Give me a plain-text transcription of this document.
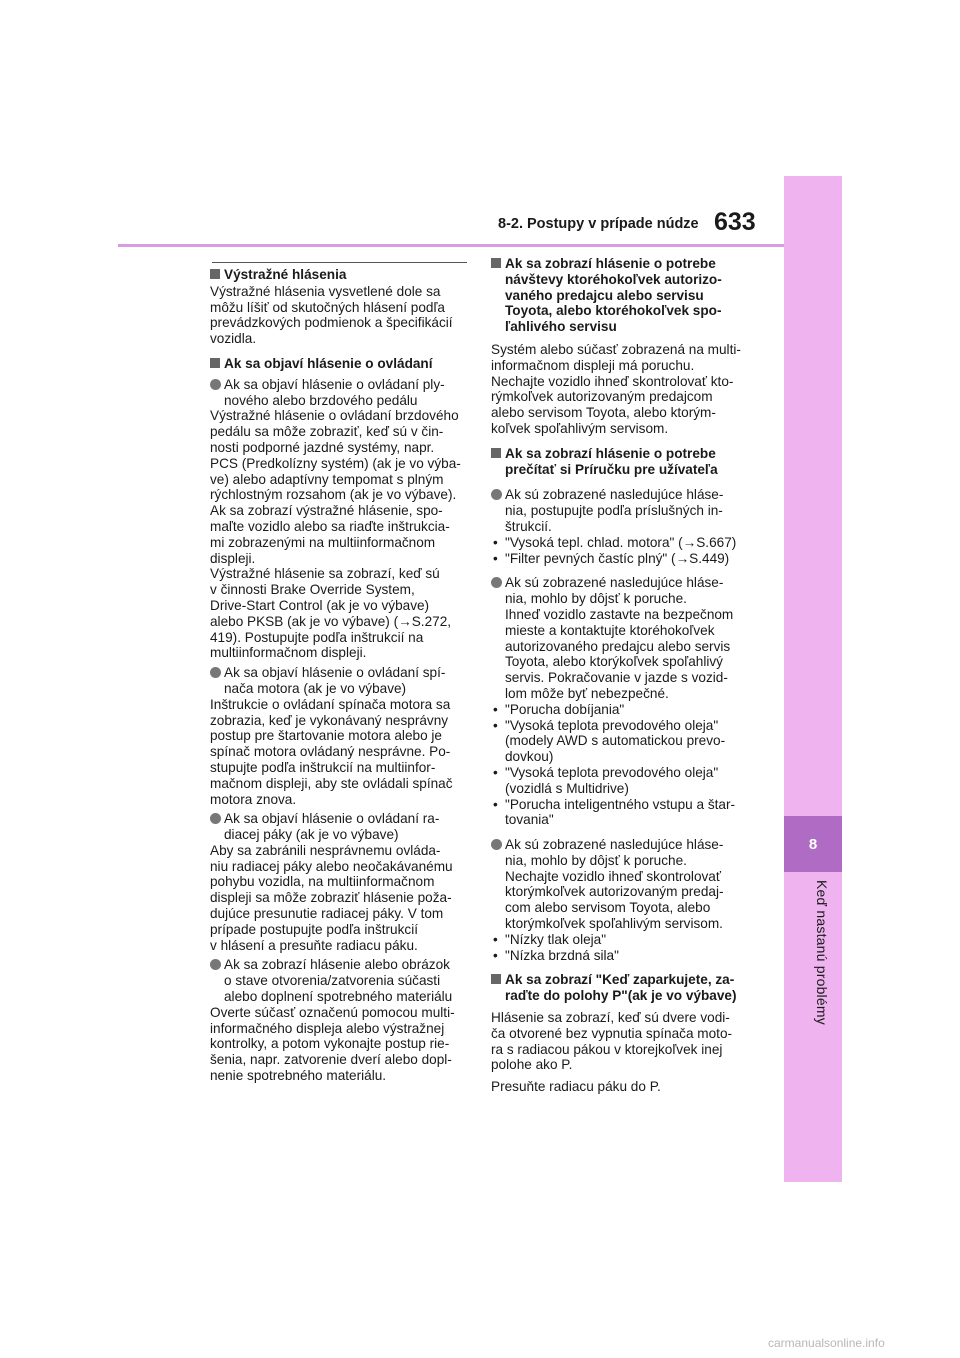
8
Keď nastanú problémy
8-2. Postupy v prípade núdze 633
Výstražné hlásenia
Výstražné hlásenia vysvetlené dole sa
môžu líšiť od skutočných hlásení podľa
prevádzkových podmienok a špecifikácií
vozidla.
Ak sa objaví hlásenie o ovládaní
Ak sa objaví hlásenie o ovládaní ply-
nového alebo brzdového pedálu
Výstražné hlásenie o ovládaní brzdového
pedálu sa môže zobraziť, keď sú v čin-
nosti podporné jazdné systémy, napr.
PCS (Predkolízny systém) (ak je vo výba-
ve) alebo adaptívny tempomat s plným
rýchlostným rozsahom (ak je vo výbave).
Ak sa zobrazí výstražné hlásenie, spo-
maľte vozidlo alebo sa riaďte inštrukcia-
mi zobrazenými na multiinformačnom
displeji.
Výstražné hlásenie sa zobrazí, keď sú
v činnosti Brake Override System,
Drive-Start Control (ak je vo výbave)
alebo PKSB (ak je vo výbave) (→S.272,
419). Postupujte podľa inštrukcií na
multiinformačnom displeji.
Ak sa objaví hlásenie o ovládaní spí-
nača motora (ak je vo výbave)
Inštrukcie o ovládaní spínača motora sa
zobrazia, keď je vykonávaný nesprávny
postup pre štartovanie motora alebo je
spínač motora ovládaný nesprávne. Po-
stupujte podľa inštrukcií na multiinfor-
mačnom displeji, aby ste ovládali spínač
motora znova.
Ak sa objaví hlásenie o ovládaní ra-
diacej páky (ak je vo výbave)
Aby sa zabránili nesprávnemu ovláda-
niu radiacej páky alebo neočakávanému
pohybu vozidla, na multiinformačnom
displeji sa môže zobraziť hlásenie poža-
dujúce presunutie radiacej páky. V tom
prípade postupujte podľa inštrukcií
v hlásení a presuňte radiacu páku.
Ak sa zobrazí hlásenie alebo obrázok
o stave otvorenia/zatvorenia súčasti
alebo doplnení spotrebného materiálu
Overte súčasť označenú pomocou multi-
informačného displeja alebo výstražnej
kontrolky, a potom vykonajte postup rie-
šenia, napr. zatvorenie dverí alebo dopl-
nenie spotrebného materiálu.
Ak sa zobrazí hlásenie o potrebe
návštevy ktoréhokoľvek autorizo-
vaného predajcu alebo servisu
Toyota, alebo ktoréhokoľvek spo-
ľahlivého servisu
Systém alebo súčasť zobrazená na multi-
informačnom displeji má poruchu.
Nechajte vozidlo ihneď skontrolovať kto-
rýmkoľvek autorizovaným predajcom
alebo servisom Toyota, alebo ktorým-
koľvek spoľahlivým servisom.
Ak sa zobrazí hlásenie o potrebe
prečítať si Príručku pre užívateľa
Ak sú zobrazené nasledujúce hláse-
nia, postupujte podľa príslušných in-
štrukcií.
• "Vysoká tepl. chlad. motora" (→S.667)
• "Filter pevných častíc plný" (→S.449)
Ak sú zobrazené nasledujúce hláse-
nia, mohlo by dôjsť k poruche.
Ihneď vozidlo zastavte na bezpečnom
mieste a kontaktujte ktoréhokoľvek
autorizovaného predajcu alebo servis
Toyota, alebo ktorýkoľvek spoľahlivý
servis. Pokračovanie v jazde s vozid-
lom môže byť nebezpečné.
• "Porucha dobíjania"
• "Vysoká teplota prevodového oleja"
(modely AWD s automatickou prevo-
dovkou)
• "Vysoká teplota prevodového oleja"
(vozidlá s Multidrive)
• "Porucha inteligentného vstupu a štar-
tovania"
Ak sú zobrazené nasledujúce hláse-
nia, mohlo by dôjsť k poruche.
Nechajte vozidlo ihneď skontrolovať
ktorýmkoľvek autorizovaným predaj-
com alebo servisom Toyota, alebo
ktorýmkoľvek spoľahlivým servisom.
• "Nízky tlak oleja"
• "Nízka brzdná sila"
Ak sa zobrazí "Keď zaparkujete, za-
raďte do polohy P"(ak je vo výbave)
Hlásenie sa zobrazí, keď sú dvere vodi-
ča otvorené bez vypnutia spínača moto-
ra s radiacou pákou v ktorejkoľvek inej
polohe ako P.
Presuňte radiacu páku do P.
carmanualsonline.info
